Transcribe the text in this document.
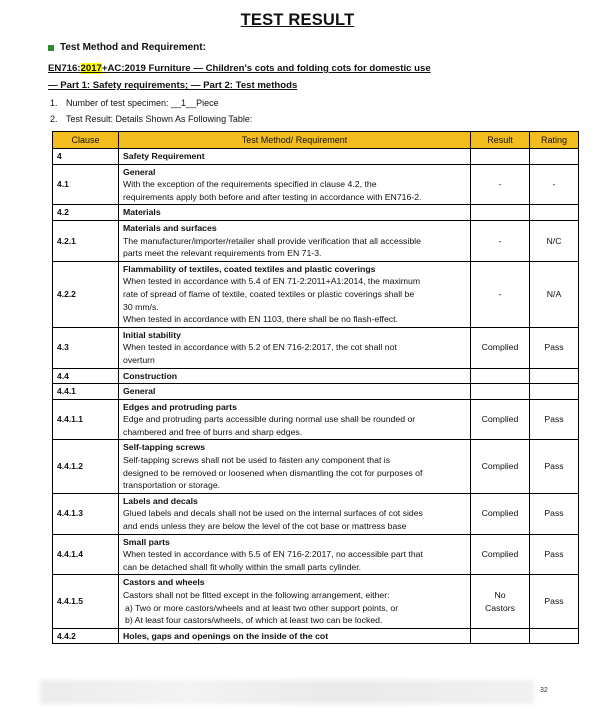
TEST RESULT
Test Method and Requirement:
EN716:2017+AC:2019 Furniture — Children's cots and folding cots for domestic use
— Part 1: Safety requirements; — Part 2: Test methods
1. Number of test specimen: __1__Piece
2. Test Result: Details Shown As Following Table:
Clause	Test Method/ Requirement	Result	Rating
4	Safety Requirement		

4.1	General
With the exception of the requirements specified in clause 4.2, the
requirements apply both before and after testing in accordance with EN716-2.	-	-
4.2	Materials		

4.2.1	Materials and surfaces
The manufacturer/importer/retailer shall provide verification that all accessible
parts meet the relevant requirements from EN 71-3.	-	N/C
4.2.2	Flammability of textiles, coated textiles and plastic coverings
When tested in accordance with 5.4 of EN 71-2:2011+A1:2014, the maximum
rate of spread of flame of textile, coated textiles or plastic coverings shall be
30 mm/s.
When tested in accordance with EN 1103, there shall be no flash-effect.	-	N/A
4.3	Initial stability
When tested in accordance with 5.2 of EN 716-2:2017, the cot shall not
overturn	Complied	Pass
4.4	Construction		

4.4.1	General		

4.4.1.1	Edges and protruding parts
Edge and protruding parts accessible during normal use shall be rounded or
chambered and free of burrs and sharp edges.	Complied	Pass
4.4.1.2	Self-tapping screws
Self-tapping screws shall not be used to fasten any component that is
designed to be removed or loosened when dismantling the cot for purposes of
transportation or storage.	Complied	Pass
4.4.1.3	Labels and decals
Glued labels and decals shall not be used on the internal surfaces of cot sides
and ends unless they are below the level of the cot base or mattress base	Complied	Pass
4.4.1.4	Small parts
When tested in accordance with 5.5 of EN 716-2:2017, no accessible part that
can be detached shall fit wholly within the small parts cylinder.	Complied	Pass
4.4.1.5	Castors and wheels
Castors shall not be fitted except in the following arrangement, either:
a) Two or more castors/wheels and at least two other support points, or
b) At least four castors/wheels, of which at least two can be locked.	No
Castors	Pass
4.4.2	Holes, gaps and openings on the inside of the cot		

32
